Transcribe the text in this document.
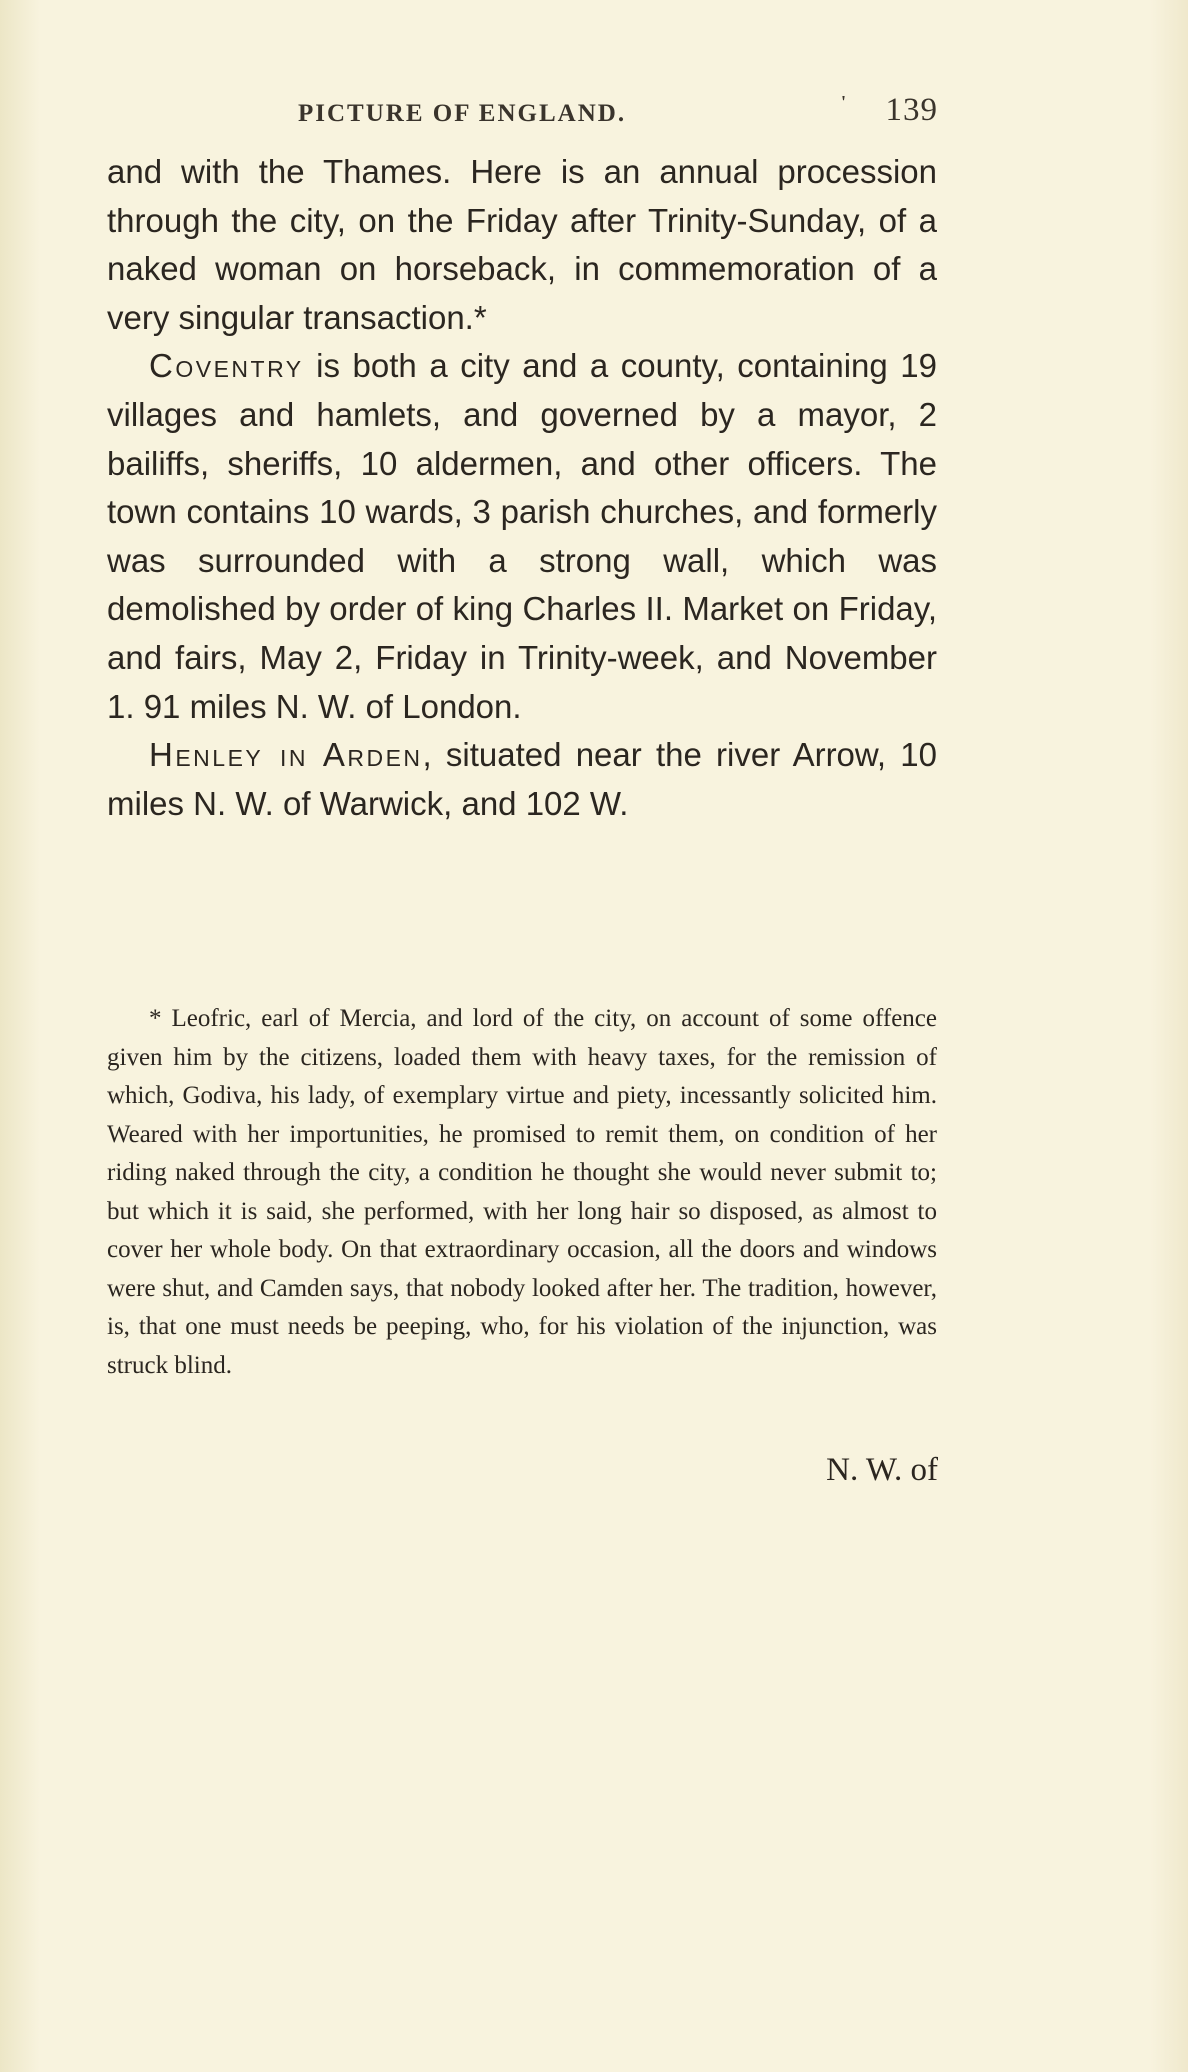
PICTURE OF ENGLAND.	' 139

and with the Thames. Here is an annual procession through the city, on the Friday after Trinity-Sunday, of a naked woman on horseback, in commemoration of a very singular transaction.*

Coventry is both a city and a county, containing 19 villages and hamlets, and governed by a mayor, 2 bailiffs, sheriffs, 10 aldermen, and other officers. The town contains 10 wards, 3 parish churches, and formerly was surrounded with a strong wall, which was demolished by order of king Charles II. Market on Friday, and fairs, May 2, Friday in Trinity-week, and November 1. 91 miles N. W. of London.

Henley in Arden, situated near the river Arrow, 10 miles N. W. of Warwick, and 102 W.

* Leofric, earl of Mercia, and lord of the city, on account of some offence given him by the citizens, loaded them with heavy taxes, for the remission of which, Godiva, his lady, of exemplary virtue and piety, incessantly solicited him. Weared with her importunities, he promised to remit them, on condition of her riding naked through the city, a condition he thought she would never submit to; but which it is said, she performed, with her long hair so disposed, as almost to cover her whole body. On that extraordinary occasion, all the doors and windows were shut, and Camden says, that nobody looked after her. The tradition, however, is, that one must needs be peeping, who, for his violation of the injunction, was struck blind.

N. W. of
